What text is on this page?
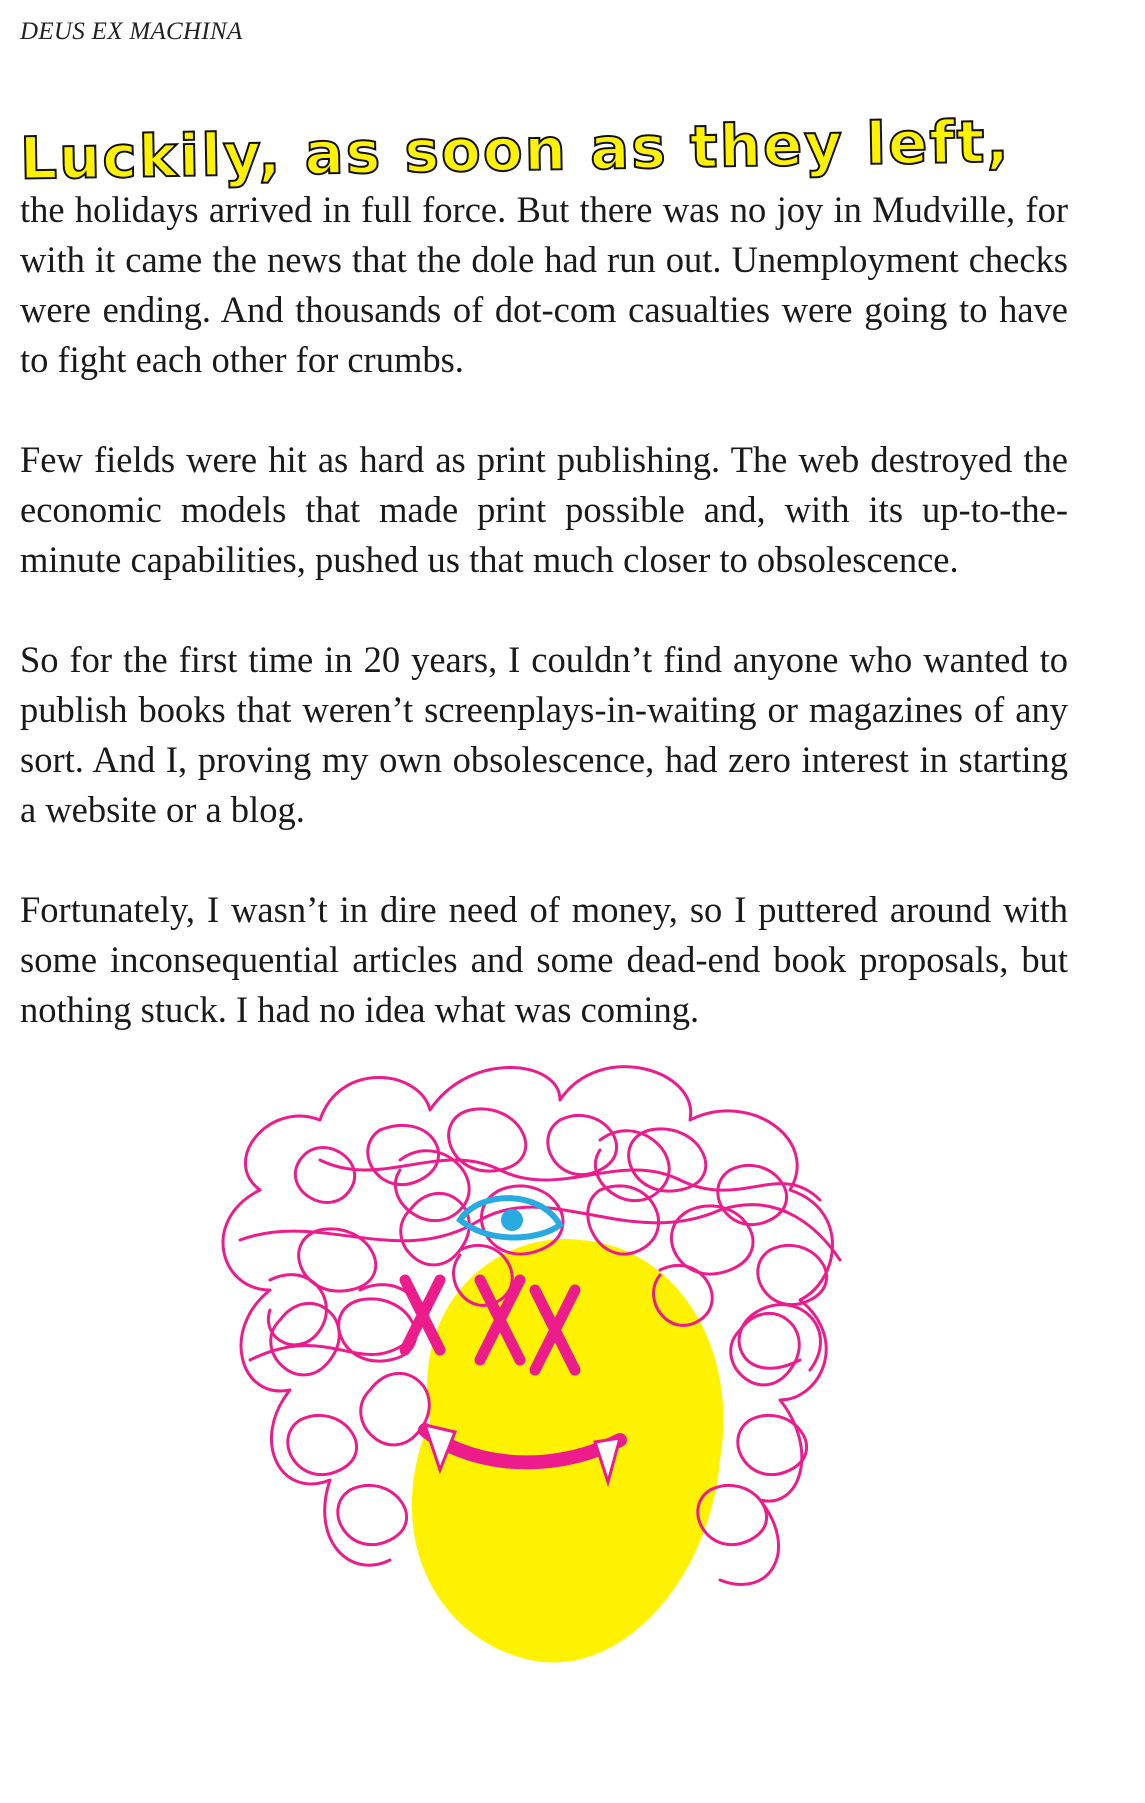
DEUS EX MACHINA

Luckily, as soon as they left, the holidays arrived in full force. But there was no joy in Mudville, for with it came the news that the dole had run out. Unemployment checks were ending. And thousands of dot-com casualties were going to have to fight each other for crumbs.

Few fields were hit as hard as print publishing. The web destroyed the economic models that made print possible and, with its up-to-the-minute capabilities, pushed us that much closer to obsolescence.

So for the first time in 20 years, I couldn’t find anyone who wanted to publish books that weren’t screenplays-in-waiting or magazines of any sort. And I, proving my own obsolescence, had zero interest in starting a website or a blog.

Fortunately, I wasn’t in dire need of money, so I puttered around with some inconsequential articles and some dead-end book proposals, but nothing stuck. I had no idea what was coming.
